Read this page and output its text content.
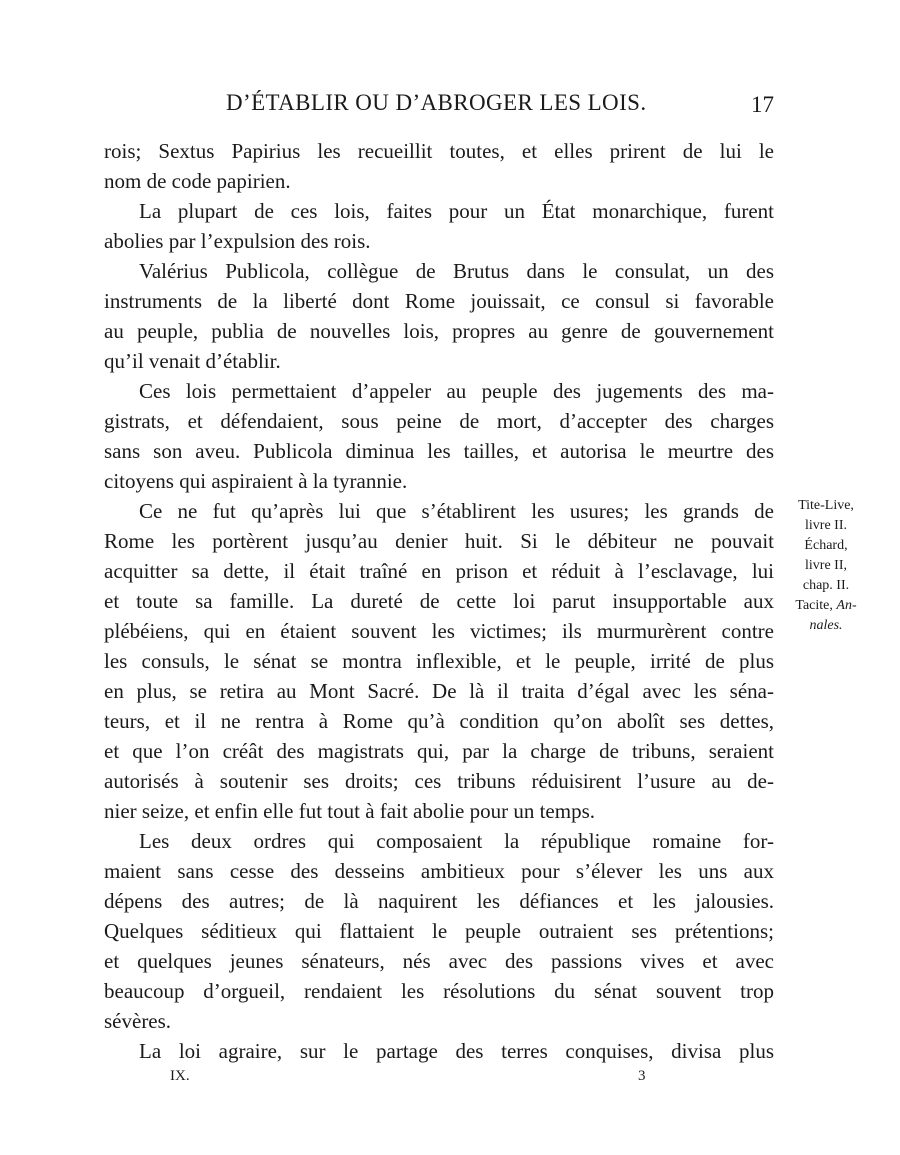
D’ÉTABLIR OU D’ABROGER LES LOIS.	17
rois; Sextus Papirius les recueillit toutes, et elles prirent de lui le
nom de code papirien.
La plupart de ces lois, faites pour un État monarchique, furent
abolies par l’expulsion des rois.
Valérius Publicola, collègue de Brutus dans le consulat, un des
instruments de la liberté dont Rome jouissait, ce consul si favorable
au peuple, publia de nouvelles lois, propres au genre de gouvernement
qu’il venait d’établir.
Ces lois permettaient d’appeler au peuple des jugements des ma-
gistrats, et défendaient, sous peine de mort, d’accepter des charges
sans son aveu. Publicola diminua les tailles, et autorisa le meurtre des
citoyens qui aspiraient à la tyrannie.
Ce ne fut qu’après lui que s’établirent les usures; les grands de
Rome les portèrent jusqu’au denier huit. Si le débiteur ne pouvait
acquitter sa dette, il était traîné en prison et réduit à l’esclavage, lui
et toute sa famille. La dureté de cette loi parut insupportable aux
plébéiens, qui en étaient souvent les victimes; ils murmurèrent contre
les consuls, le sénat se montra inflexible, et le peuple, irrité de plus
en plus, se retira au Mont Sacré. De là il traita d’égal avec les séna-
teurs, et il ne rentra à Rome qu’à condition qu’on abolît ses dettes,
et que l’on créât des magistrats qui, par la charge de tribuns, seraient
autorisés à soutenir ses droits; ces tribuns réduisirent l’usure au de-
nier seize, et enfin elle fut tout à fait abolie pour un temps.
Les deux ordres qui composaient la république romaine for-
maient sans cesse des desseins ambitieux pour s’élever les uns aux
dépens des autres; de là naquirent les défiances et les jalousies.
Quelques séditieux qui flattaient le peuple outraient ses prétentions;
et quelques jeunes sénateurs, nés avec des passions vives et avec
beaucoup d’orgueil, rendaient les résolutions du sénat souvent trop
sévères.
La loi agraire, sur le partage des terres conquises, divisa plus
Tite-Live,
livre II.
Échard,
livre II,
chap. II.
Tacite, An-
nales.
IX.	3
